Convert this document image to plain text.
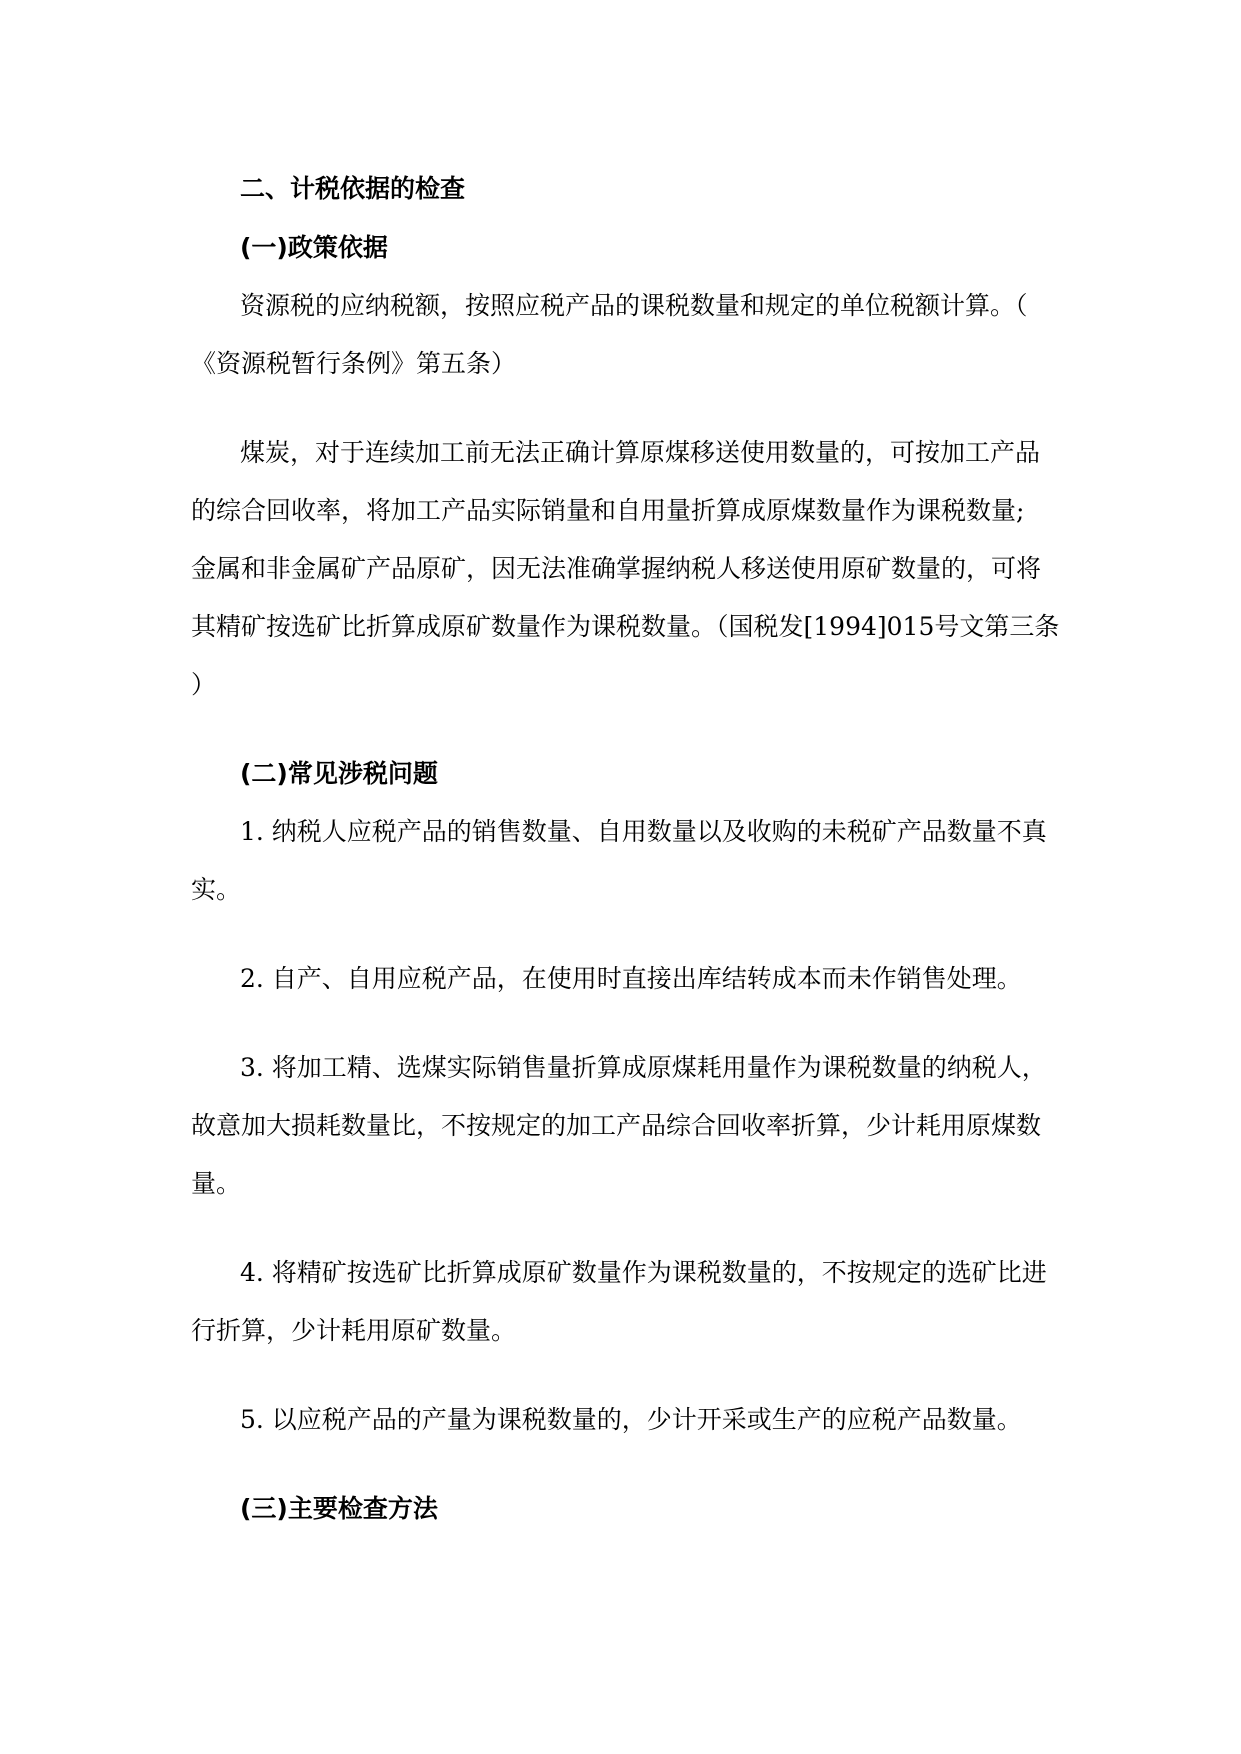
二、计税依据的检查
(一)政策依据
资源税的应纳税额，按照应税产品的课税数量和规定的单位税额计算。（
《资源税暂行条例》第五条）
煤炭，对于连续加工前无法正确计算原煤移送使用数量的，可按加工产品
的综合回收率，将加工产品实际销量和自用量折算成原煤数量作为课税数量;
金属和非金属矿产品原矿，因无法准确掌握纳税人移送使用原矿数量的，可将
其精矿按选矿比折算成原矿数量作为课税数量。（国税发[1994]015号文第三条
）
(二)常见涉税问题
1. 纳税人应税产品的销售数量、自用数量以及收购的未税矿产品数量不真
实。
2. 自产、自用应税产品，在使用时直接出库结转成本而未作销售处理。
3. 将加工精、选煤实际销售量折算成原煤耗用量作为课税数量的纳税人，
故意加大损耗数量比，不按规定的加工产品综合回收率折算，少计耗用原煤数
量。
4. 将精矿按选矿比折算成原矿数量作为课税数量的，不按规定的选矿比进
行折算，少计耗用原矿数量。
5. 以应税产品的产量为课税数量的，少计开采或生产的应税产品数量。
(三)主要检查方法
